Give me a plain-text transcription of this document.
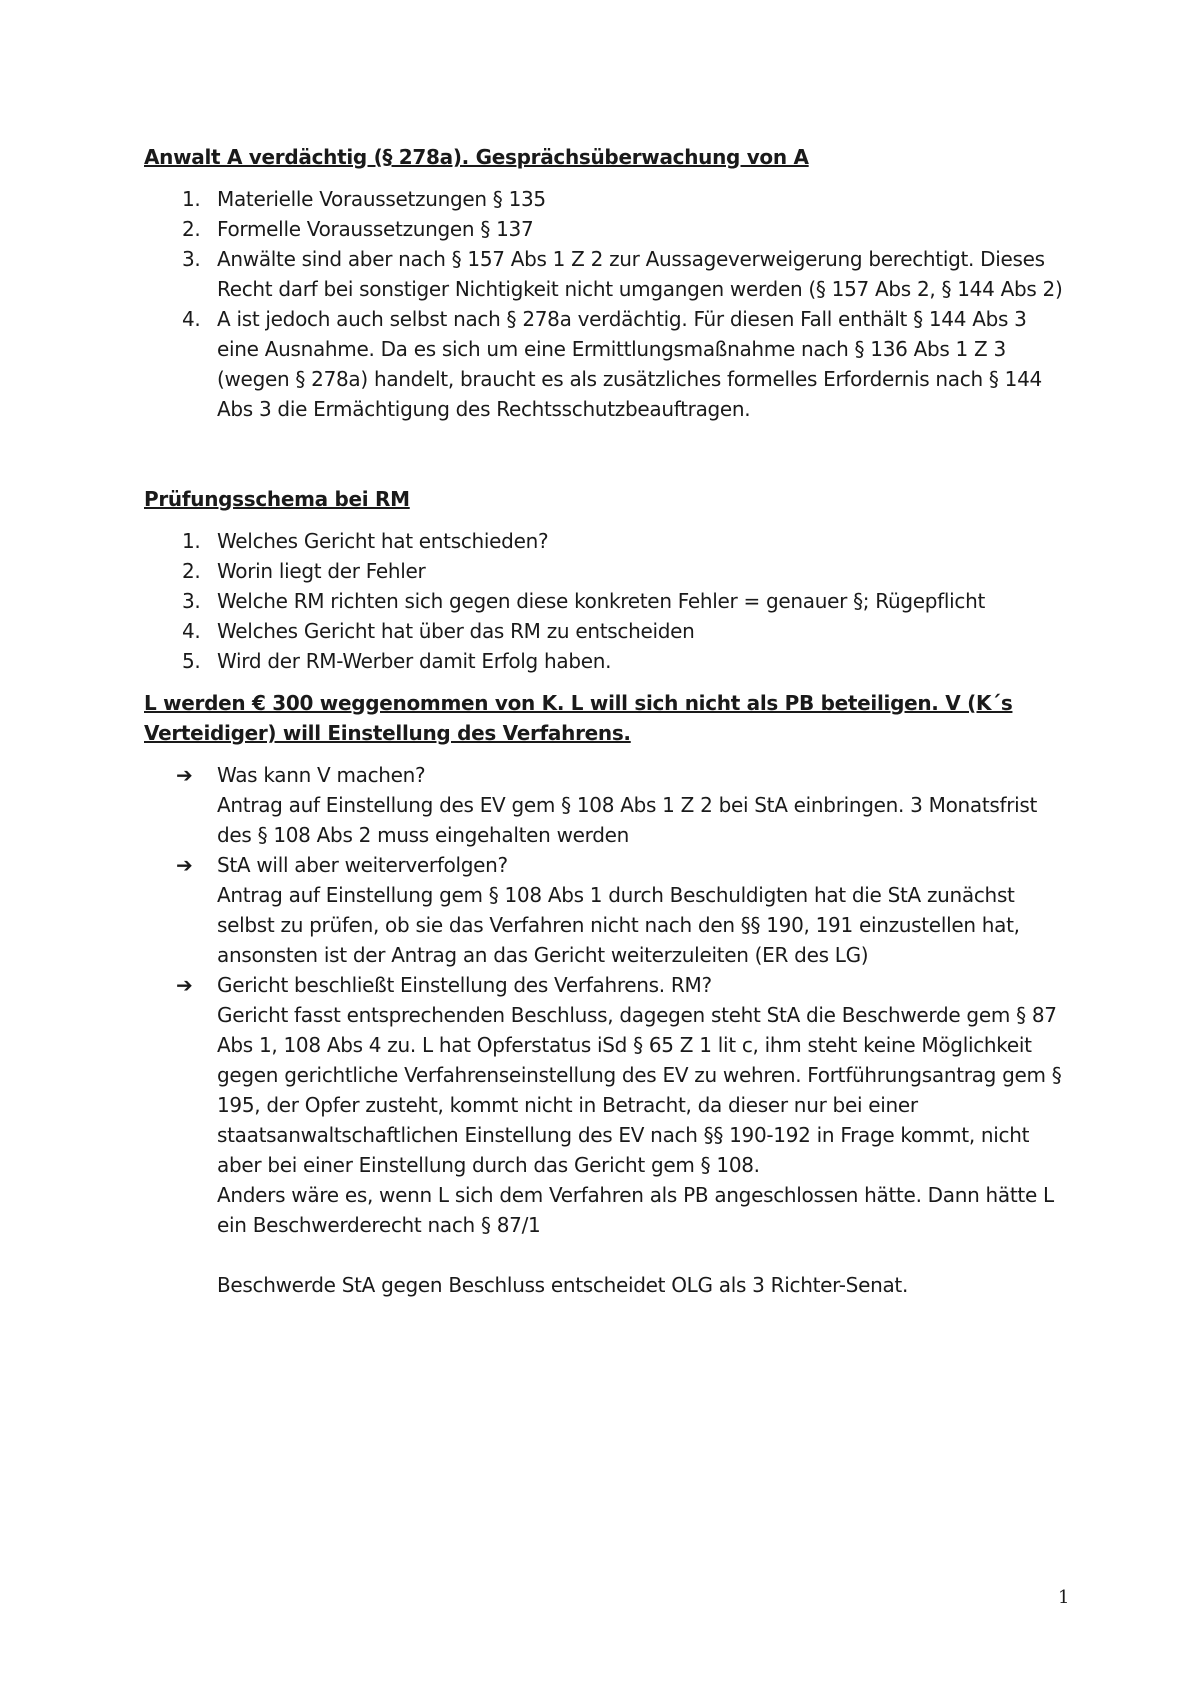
Anwalt A verdächtig (§ 278a). Gesprächsüberwachung von A
1. Materielle Voraussetzungen § 135
2. Formelle Voraussetzungen § 137
3. Anwälte sind aber nach § 157 Abs 1 Z 2 zur Aussageverweigerung berechtigt. Dieses Recht darf bei sonstiger Nichtigkeit nicht umgangen werden (§ 157 Abs 2, § 144 Abs 2)
4. A ist jedoch auch selbst nach § 278a verdächtig. Für diesen Fall enthält § 144 Abs 3 eine Ausnahme. Da es sich um eine Ermittlungsmaßnahme nach § 136 Abs 1 Z 3 (wegen § 278a) handelt, braucht es als zusätzliches formelles Erfordernis nach § 144 Abs 3 die Ermächtigung des Rechtsschutzbeauftragen.
Prüfungsschema bei RM
1. Welches Gericht hat entschieden?
2. Worin liegt der Fehler
3. Welche RM richten sich gegen diese konkreten Fehler = genauer §; Rügepflicht
4. Welches Gericht hat über das RM zu entscheiden
5. Wird der RM-Werber damit Erfolg haben.
L werden € 300 weggenommen von K. L will sich nicht als PB beteiligen. V (K´s Verteidiger) will Einstellung des Verfahrens.
➔ Was kann V machen?
Antrag auf Einstellung des EV gem § 108 Abs 1 Z 2 bei StA einbringen. 3 Monatsfrist des § 108 Abs 2 muss eingehalten werden
➔ StA will aber weiterverfolgen?
Antrag auf Einstellung gem § 108 Abs 1 durch Beschuldigten hat die StA zunächst selbst zu prüfen, ob sie das Verfahren nicht nach den §§ 190, 191 einzustellen hat, ansonsten ist der Antrag an das Gericht weiterzuleiten (ER des LG)
➔ Gericht beschließt Einstellung des Verfahrens. RM?
Gericht fasst entsprechenden Beschluss, dagegen steht StA die Beschwerde gem § 87 Abs 1, 108 Abs 4 zu. L hat Opferstatus iSd § 65 Z 1 lit c, ihm steht keine Möglichkeit gegen gerichtliche Verfahrenseinstellung des EV zu wehren. Fortführungsantrag gem § 195, der Opfer zusteht, kommt nicht in Betracht, da dieser nur bei einer staatsanwaltschaftlichen Einstellung des EV nach §§ 190-192 in Frage kommt, nicht aber bei einer Einstellung durch das Gericht gem § 108.
Anders wäre es, wenn L sich dem Verfahren als PB angeschlossen hätte. Dann hätte L ein Beschwerderecht nach § 87/1
Beschwerde StA gegen Beschluss entscheidet OLG als 3 Richter-Senat.
1
